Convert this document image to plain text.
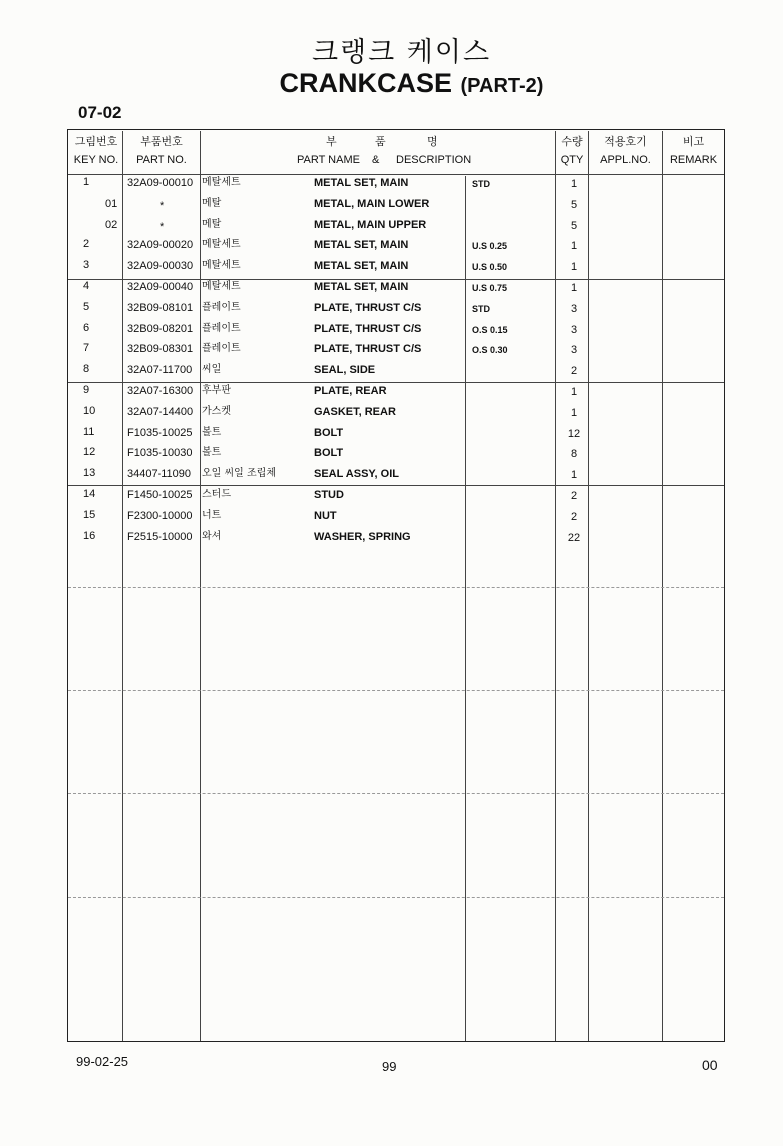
크랭크 케이스
CRANKCASE (PART-2)
07-02
그림번호
KEY NO.
부품번호
PART NO.
부	품	명
PART NAME & DESCRIPTION
수량
QTY
적용호기
APPL.NO.
비고
REMARK
1	32A09-00010 메탈세트	METAL SET, MAIN	STD	1
01	*	메탈	METAL, MAIN LOWER	5
02	*	메탈	METAL, MAIN UPPER	5
2	32A09-00020 메탈세트	METAL SET, MAIN	U.S 0.25	1
3	32A09-00030 메탈세트	METAL SET, MAIN	U.S 0.50	1
4	32A09-00040 메탈세트	METAL SET, MAIN	U.S 0.75	1
5	32B09-08101 플레이트	PLATE, THRUST C/S	STD	3
6	32B09-08201 플레이트	PLATE, THRUST C/S	O.S 0.15	3
7	32B09-08301 플레이트	PLATE, THRUST C/S	O.S 0.30	3
8	32A07-11700 씨일	SEAL, SIDE	2
9	32A07-16300 후부판	PLATE, REAR	1
10	32A07-14400 가스켓	GASKET, REAR	1
11	F1035-10025 볼트	BOLT	12
12	F1035-10030 볼트	BOLT	8
13	34407-11090 오일 씨일 조립체	SEAL ASSY, OIL	1
14	F1450-10025 스터드	STUD	2
15	F2300-10000 너트	NUT	2
16	F2515-10000 와셔	WASHER, SPRING	22
99-02-25	99	00
